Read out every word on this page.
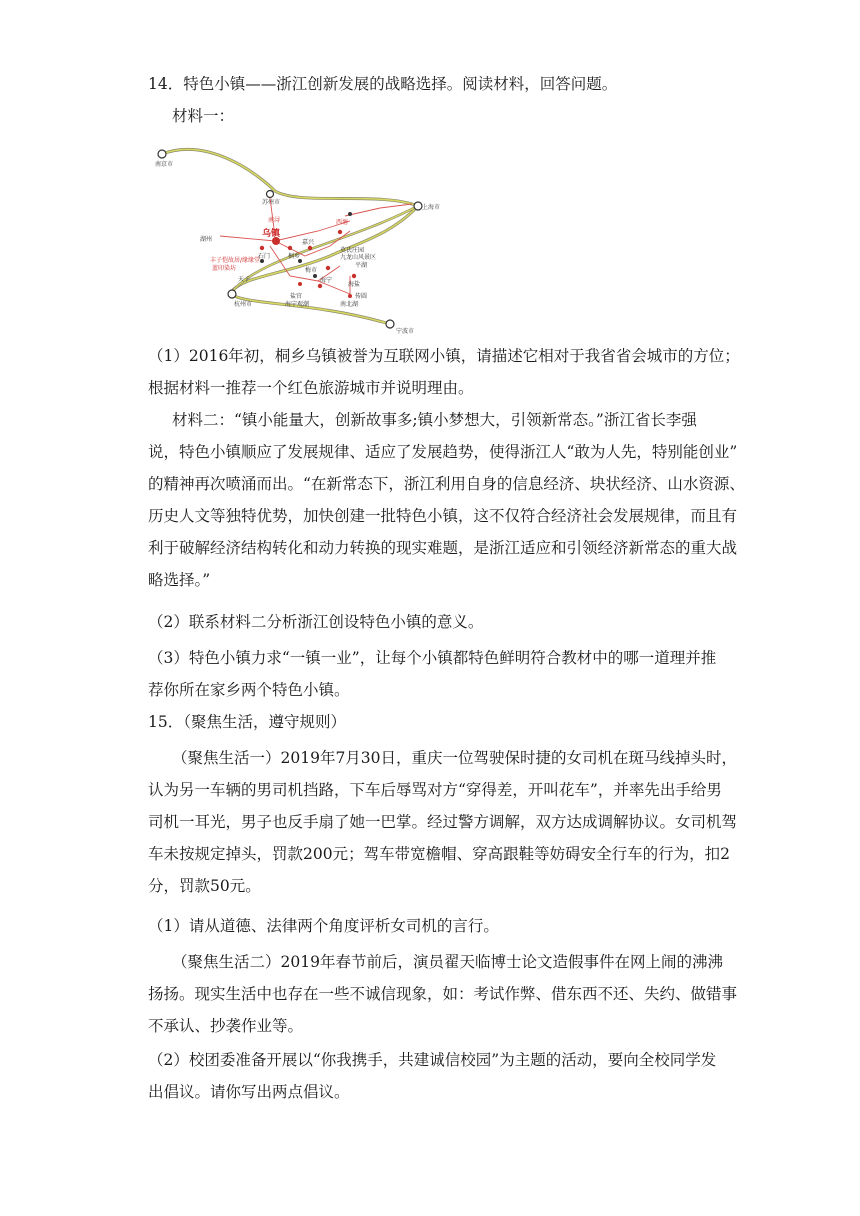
14．特色小镇——浙江创新发展的战略选择。阅读材料，回答问题。
材料一：
南京市
苏州市
上海市
湖州
杭州市
宁波市
南浔
乌镇
石门	桐乡
嘉兴
西塘
平湖
梅市
海宁
海盐
盐官
海宁观潮	南北湖
丰子恺故居/缘缘堂
蓝印染坊
天子
九龙山风景区
莫氏庄园
传圆
（1）2016年初，桐乡乌镇被誉为互联网小镇，请描述它相对于我省省会城市的方位；
根据材料一推荐一个红色旅游城市并说明理由。
材料二：“镇小能量大，创新故事多;镇小梦想大，引领新常态。”浙江省长李强
说，特色小镇顺应了发展规律、适应了发展趋势，使得浙江人“敢为人先，特别能创业”
的精神再次喷涌而出。“在新常态下，浙江利用自身的信息经济、块状经济、山水资源、
历史人文等独特优势，加快创建一批特色小镇，这不仅符合经济社会发展规律，而且有
利于破解经济结构转化和动力转换的现实难题，是浙江适应和引领经济新常态的重大战
略选择。”
（2）联系材料二分析浙江创设特色小镇的意义。
（3）特色小镇力求“一镇一业”，让每个小镇都特色鲜明符合教材中的哪一道理并推
荐你所在家乡两个特色小镇。
15．（聚焦生活，遵守规则）
（聚焦生活一）2019年7月30日，重庆一位驾驶保时捷的女司机在斑马线掉头时，
认为另一车辆的男司机挡路，下车后辱骂对方“穿得差，开叫花车”，并率先出手给男
司机一耳光，男子也反手扇了她一巴掌。经过警方调解，双方达成调解协议。女司机驾
车未按规定掉头，罚款200元；驾车带宽檐帽、穿高跟鞋等妨碍安全行车的行为，扣2
分，罚款50元。
（1）请从道德、法律两个角度评析女司机的言行。
（聚焦生活二）2019年春节前后，演员翟天临博士论文造假事件在网上闹的沸沸
扬扬。现实生活中也存在一些不诚信现象，如：考试作弊、借东西不还、失约、做错事
不承认、抄袭作业等。
（2）校团委准备开展以“你我携手，共建诚信校园”为主题的活动，要向全校同学发
出倡议。请你写出两点倡议。
